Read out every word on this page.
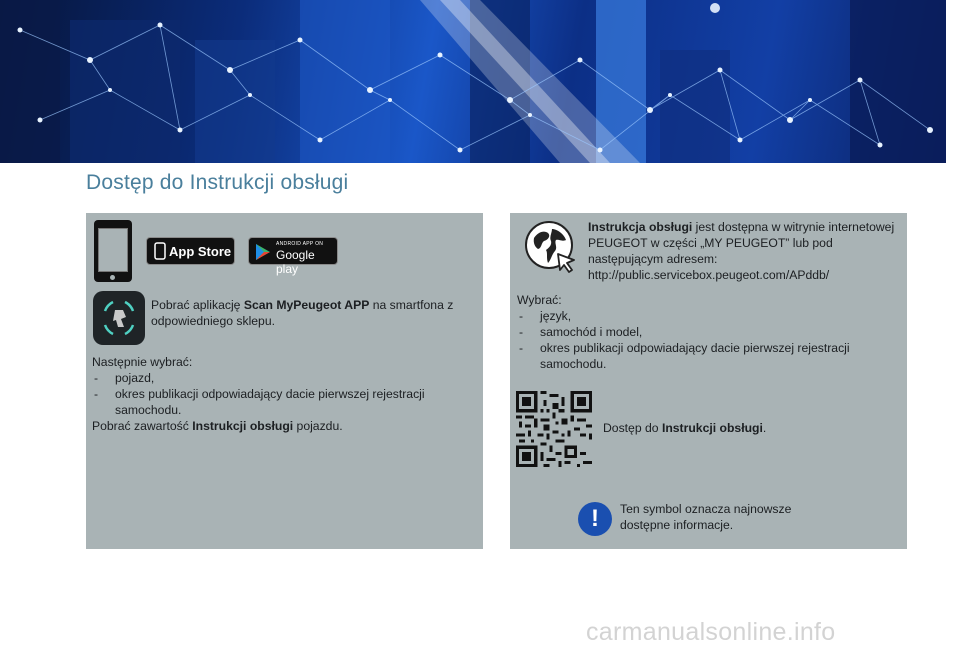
Dostęp do Instrukcji obsługi
App Store	ANDROID APP ON
Google play
Pobrać aplikację Scan MyPeugeot APP na smartfona z odpowiedniego sklepu.
Następnie wybrać:
- pojazd,
- okres publikacji odpowiadający dacie pierwszej rejestracji samochodu.
Pobrać zawartość Instrukcji obsługi pojazdu.
Instrukcja obsługi jest dostępna w witrynie internetowej PEUGEOT w części „MY PEUGEOT” lub pod następującym adresem:
http://public.servicebox.peugeot.com/APddb/
Wybrać:
- język,
- samochód i model,
- okres publikacji odpowiadający dacie pierwszej rejestracji samochodu.
Dostęp do Instrukcji obsługi.
!	Ten symbol oznacza najnowsze dostępne informacje.
carmanualsonline.info
